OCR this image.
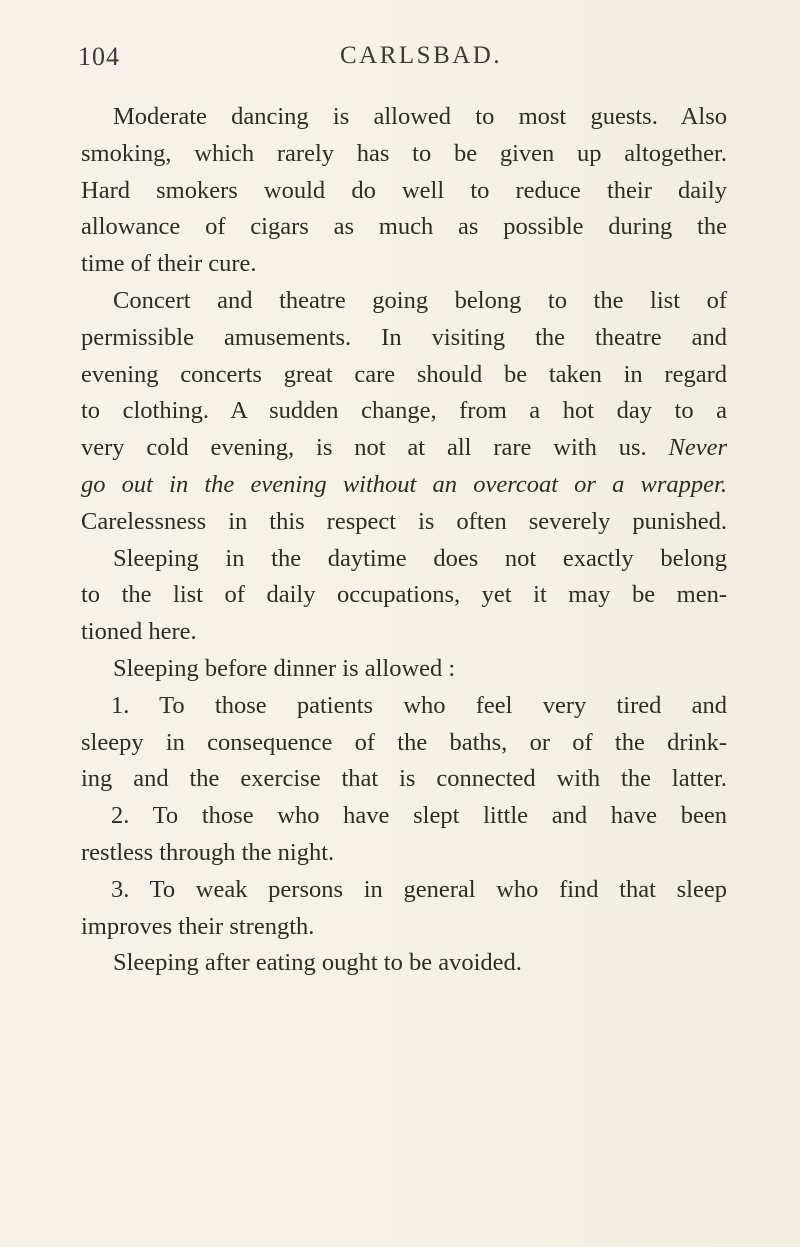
104	CARLSBAD.
Moderate dancing is allowed to most guests. Also
smoking, which rarely has to be given up altogether.
Hard smokers would do well to reduce their daily
allowance of cigars as much as possible during the
time of their cure.
Concert and theatre going belong to the list of
permissible amusements. In visiting the theatre and
evening concerts great care should be taken in regard
to clothing. A sudden change, from a hot day to a
very cold evening, is not at all rare with us. Never
go out in the evening without an overcoat or a wrapper.
Carelessness in this respect is often severely punished.
Sleeping in the daytime does not exactly belong
to the list of daily occupations, yet it may be men-
tioned here.
Sleeping before dinner is allowed :
1. To those patients who feel very tired and
sleepy in consequence of the baths, or of the drink-
ing and the exercise that is connected with the latter.
2. To those who have slept little and have been
restless through the night.
3. To weak persons in general who find that sleep
improves their strength.
Sleeping after eating ought to be avoided.
